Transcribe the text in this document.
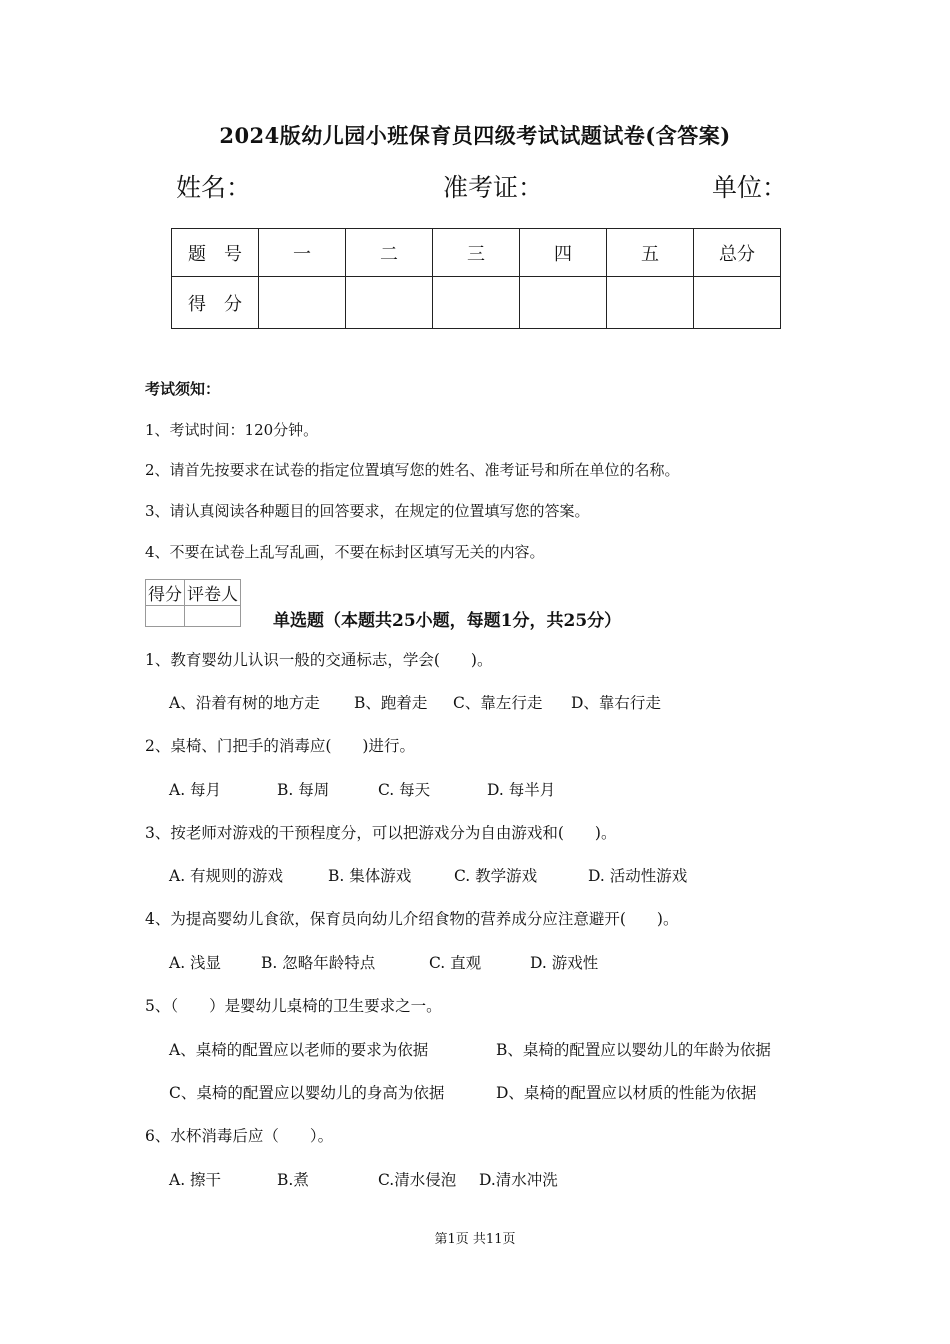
2024版幼儿园小班保育员四级考试试题试卷(含答案)
姓名：	准考证：	单位：
题　号	一	二	三	四	五	总分
得　分						
考试须知：
1、考试时间：120分钟。
2、请首先按要求在试卷的指定位置填写您的姓名、准考证号和所在单位的名称。
3、请认真阅读各种题目的回答要求，在规定的位置填写您的答案。
4、不要在试卷上乱写乱画，不要在标封区填写无关的内容。
得分	评卷人

单选题（本题共25小题，每题1分，共25分）
1、教育婴幼儿认识一般的交通标志，学会(　　)。
A、沿着有树的地方走 B、跑着走 C、靠左行走 D、靠右行走
2、桌椅、门把手的消毒应(　　)进行。
A. 每月	B. 每周	C. 每天	D. 每半月
3、按老师对游戏的干预程度分，可以把游戏分为自由游戏和(　　)。
A. 有规则的游戏	B. 集体游戏	C. 教学游戏	D. 活动性游戏
4、为提高婴幼儿食欲，保育员向幼儿介绍食物的营养成分应注意避开(　　)。
A. 浅显	B. 忽略年龄特点	C. 直观	D. 游戏性
5、（　　）是婴幼儿桌椅的卫生要求之一。
A、桌椅的配置应以老师的要求为依据	B、桌椅的配置应以婴幼儿的年龄为依据
C、桌椅的配置应以婴幼儿的身高为依据	D、桌椅的配置应以材质的性能为依据
6、水杯消毒后应（　　）。
A. 擦干	B.煮	C.清水侵泡 D.清水冲洗
第1页 共11页
